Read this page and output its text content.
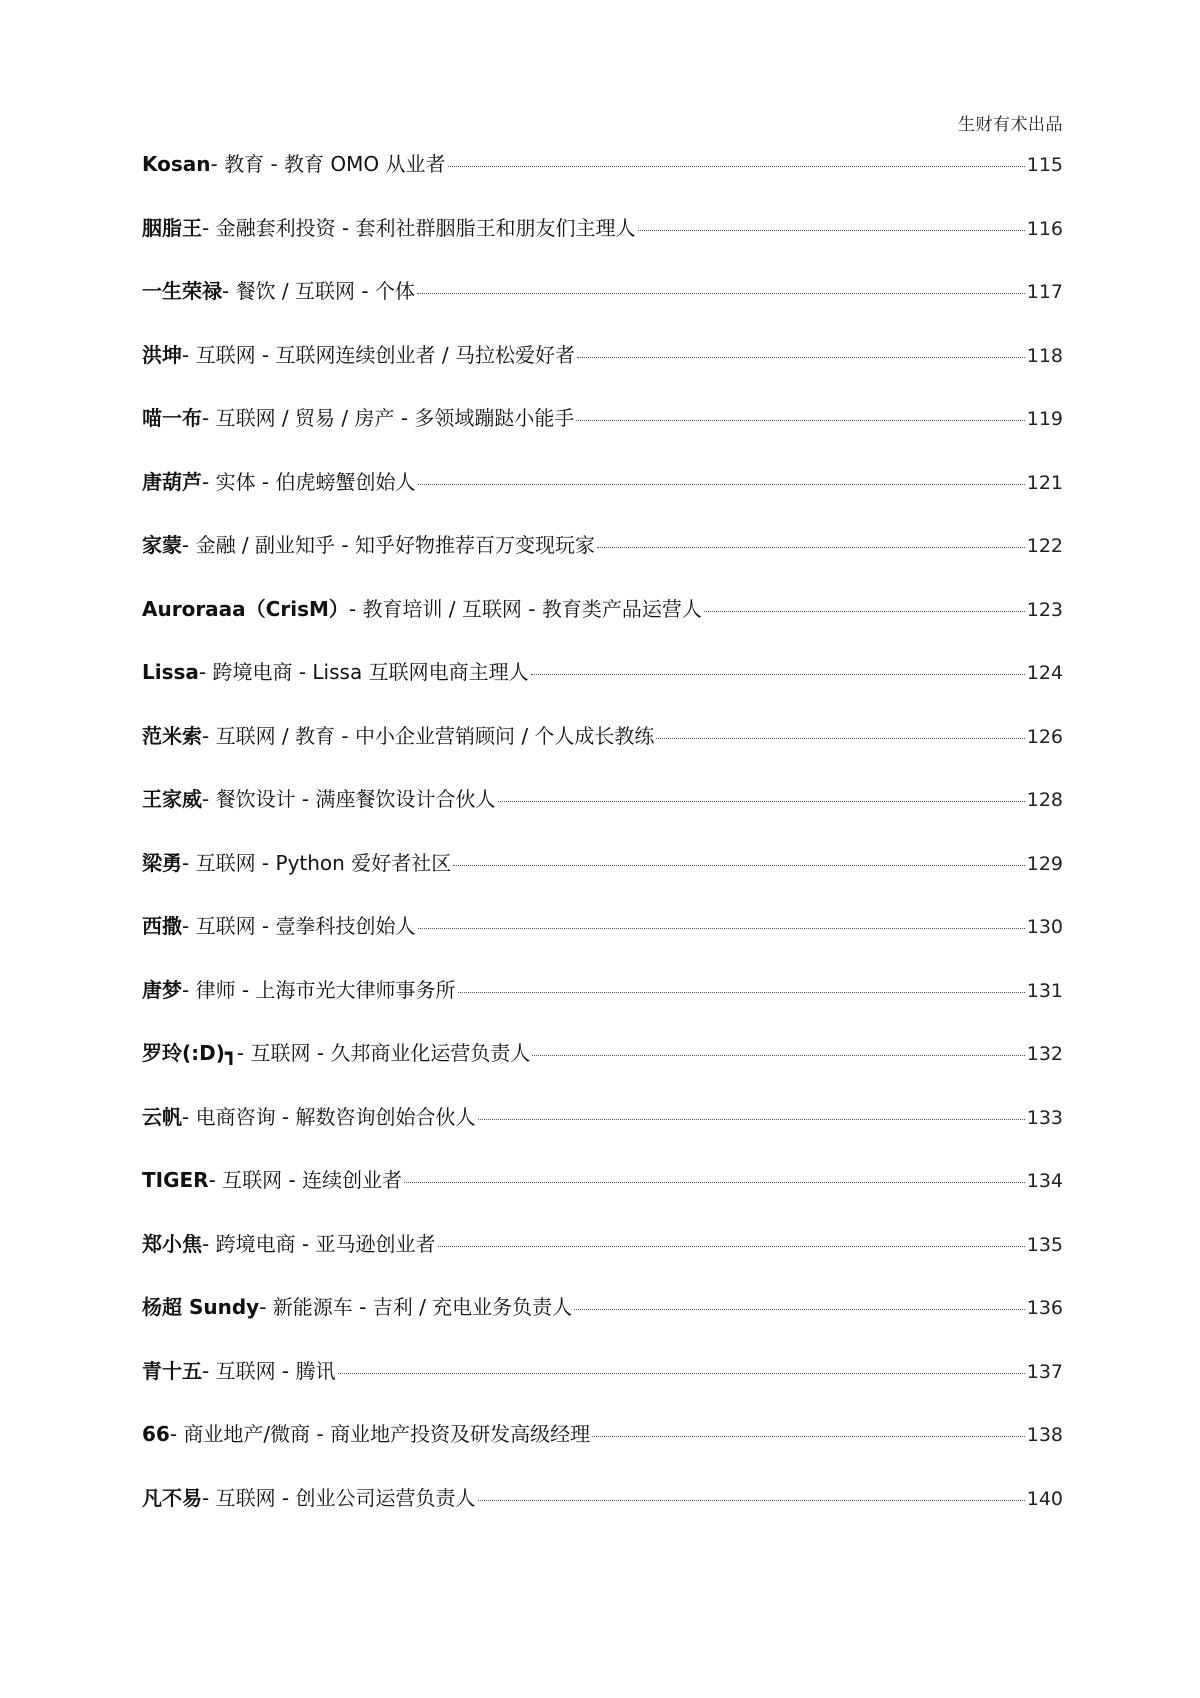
生财有术出品
Kosan - 教育 - 教育 OMO 从业者	115
胭脂王 - 金融套利投资 - 套利社群胭脂王和朋友们主理人	116
一生荣禄 - 餐饮 / 互联网 - 个体	117
洪坤 - 互联网 - 互联网连续创业者 / 马拉松爱好者	118
喵一布 - 互联网 / 贸易 / 房产 - 多领域蹦跶小能手	119
唐葫芦 - 实体 - 伯虎螃蟹创始人	121
家蒙 - 金融 / 副业知乎 - 知乎好物推荐百万变现玩家	122
Auroraaa（CrisM） - 教育培训 / 互联网 - 教育类产品运营人	123
Lissa - 跨境电商 - Lissa 互联网电商主理人	124
范米索 - 互联网 / 教育 - 中小企业营销顾问 / 个人成长教练	126
王家威 - 餐饮设计 - 满座餐饮设计合伙人	128
梁勇 - 互联网 - Python 爱好者社区	129
西撒 - 互联网 - 壹拳科技创始人	130
唐梦 - 律师 - 上海市光大律师事务所	131
罗玲(:D)┓ - 互联网 - 久邦商业化运营负责人	132
云帆 - 电商咨询 - 解数咨询创始合伙人	133
TIGER - 互联网 - 连续创业者	134
郑小焦 - 跨境电商 - 亚马逊创业者	135
杨超 Sundy - 新能源车 - 吉利 / 充电业务负责人	136
青十五 - 互联网 - 腾讯	137
66 - 商业地产/微商 - 商业地产投资及研发高级经理	138
凡不易 - 互联网 - 创业公司运营负责人	140
